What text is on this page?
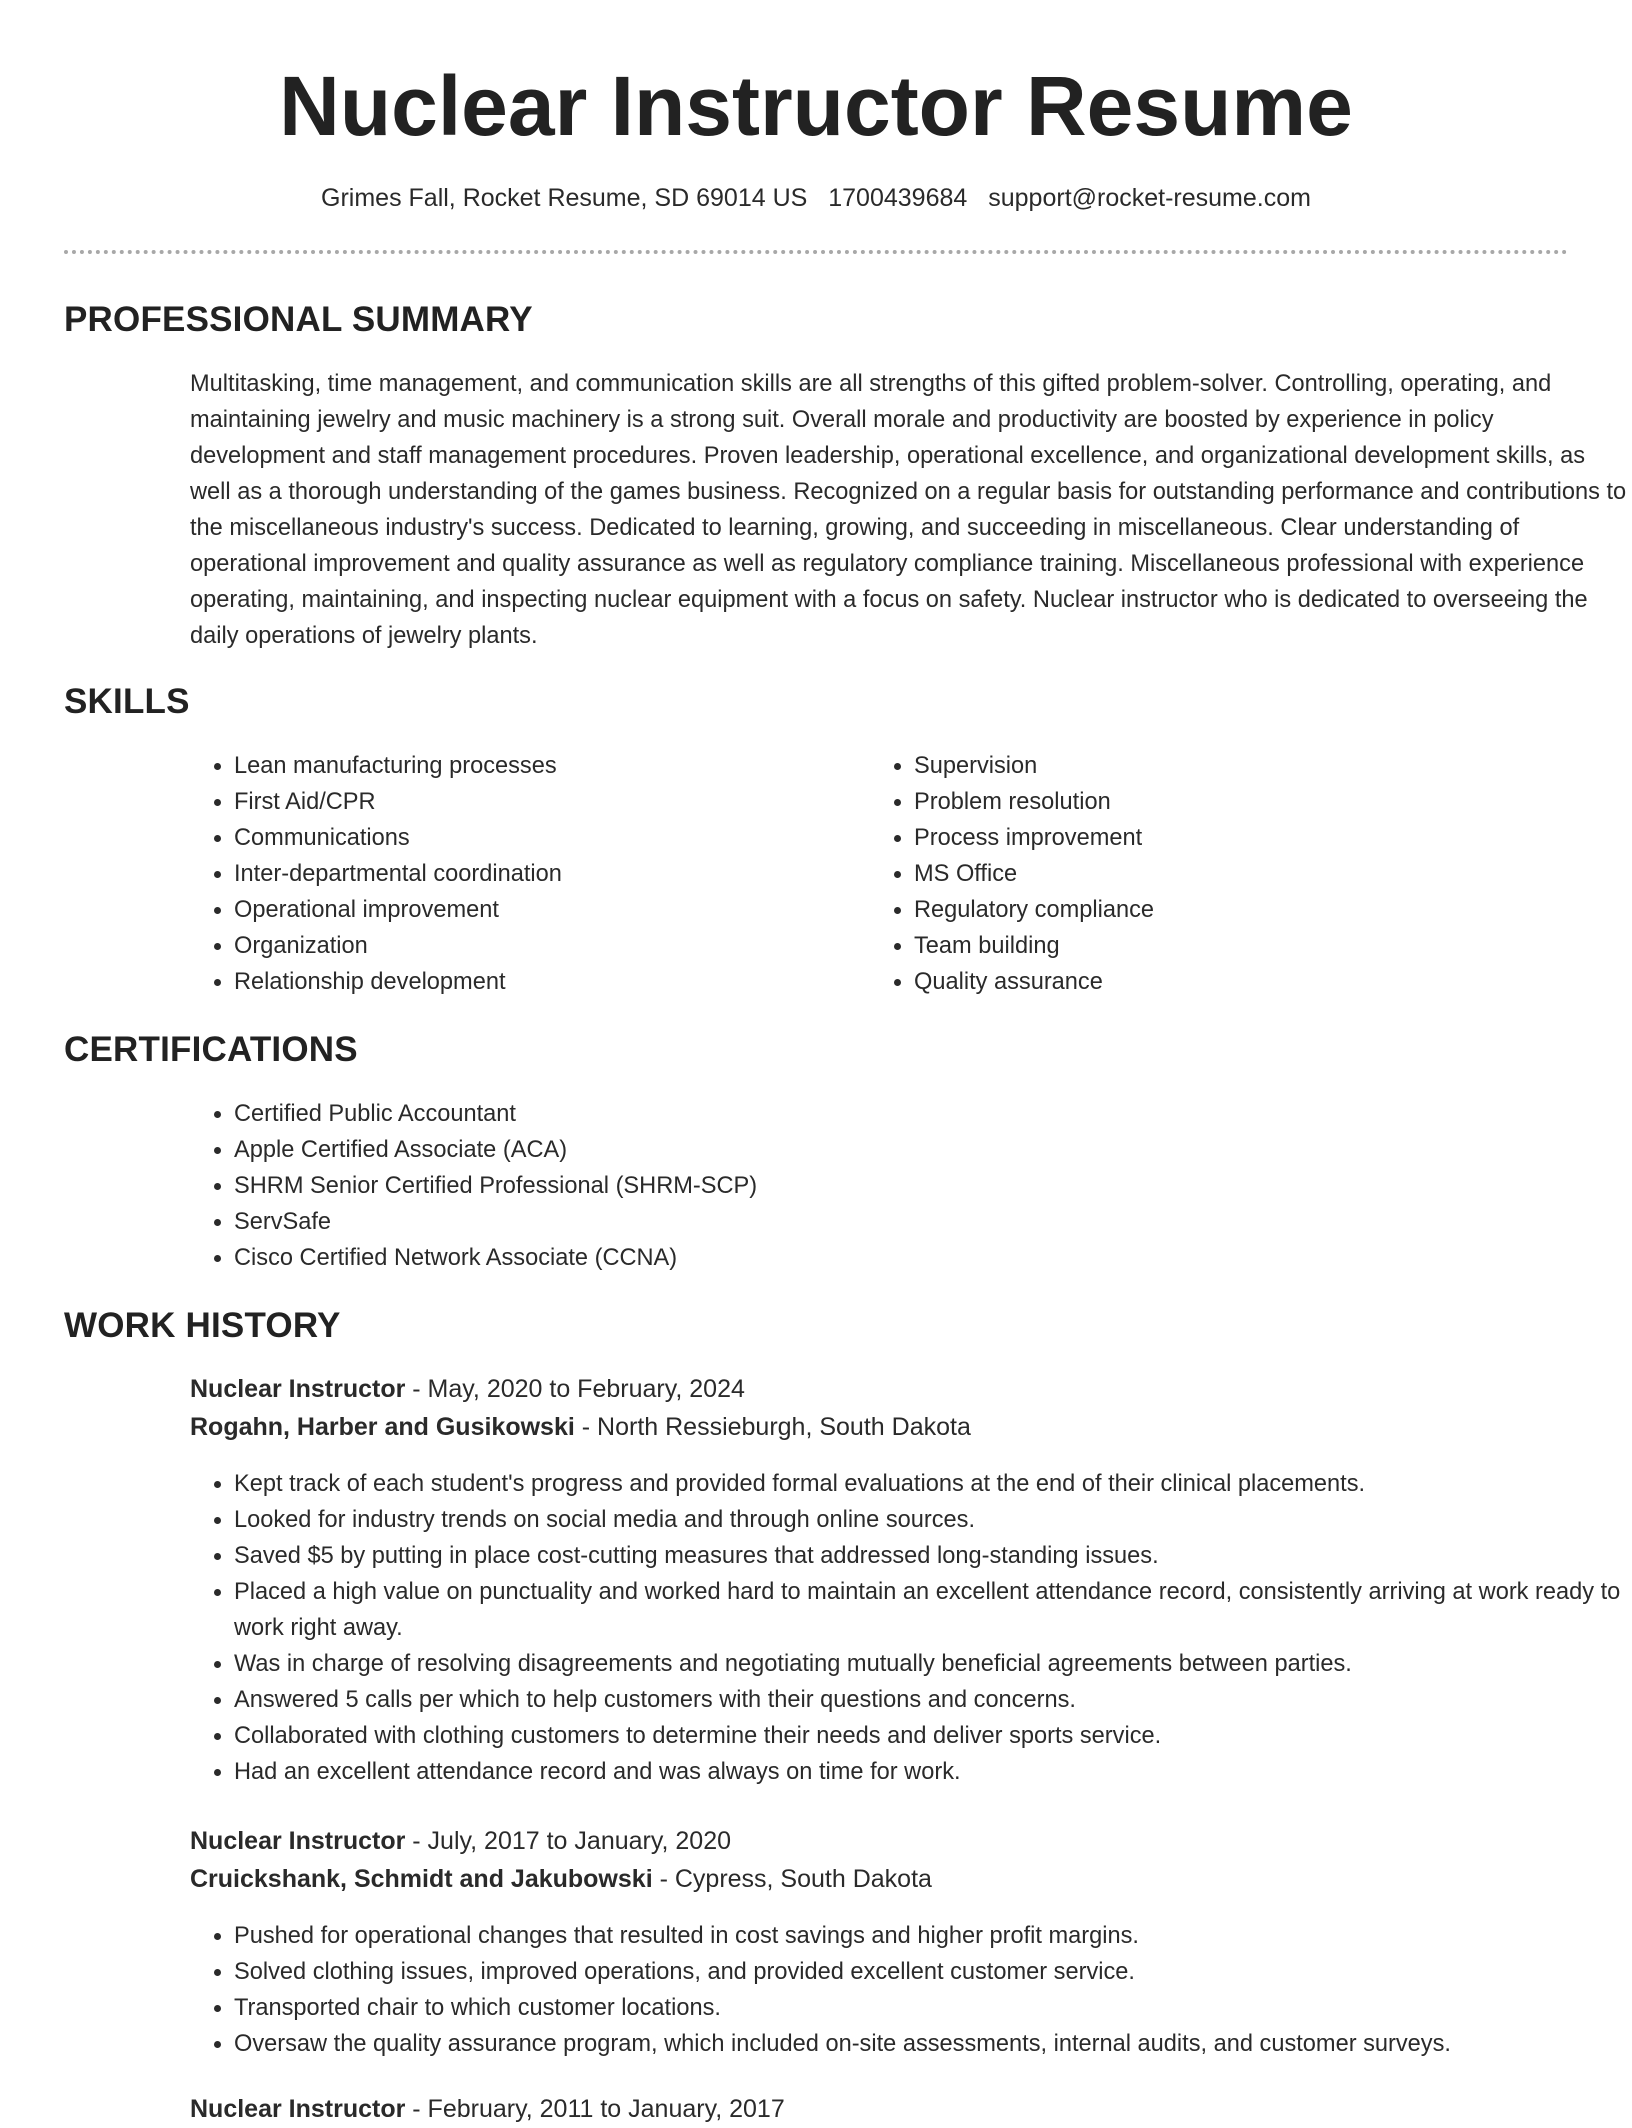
Nuclear Instructor Resume
Grimes Fall, Rocket Resume, SD 69014 US 1700439684 support@rocket-resume.com
PROFESSIONAL SUMMARY

Multitasking, time management, and communication skills are all strengths of this gifted problem-solver. Controlling, operating, and maintaining jewelry and music machinery is a strong suit. Overall morale and productivity are boosted by experience in policy development and staff management procedures. Proven leadership, operational excellence, and organizational development skills, as well as a thorough understanding of the games business. Recognized on a regular basis for outstanding performance and contributions to the miscellaneous industry's success. Dedicated to learning, growing, and succeeding in miscellaneous. Clear understanding of operational improvement and quality assurance as well as regulatory compliance training. Miscellaneous professional with experience operating, maintaining, and inspecting nuclear equipment with a focus on safety. Nuclear instructor who is dedicated to overseeing the daily operations of jewelry plants.

SKILLS
• Lean manufacturing processes
• First Aid/CPR
• Communications
• Inter-departmental coordination
• Operational improvement
• Organization
• Relationship development
• Supervision
• Problem resolution
• Process improvement
• MS Office
• Regulatory compliance
• Team building
• Quality assurance
CERTIFICATIONS
• Certified Public Accountant
• Apple Certified Associate (ACA)
• SHRM Senior Certified Professional (SHRM-SCP)
• ServSafe
• Cisco Certified Network Associate (CCNA)
WORK HISTORY
Nuclear Instructor - May, 2020 to February, 2024
Rogahn, Harber and Gusikowski - North Ressieburgh, South Dakota
• Kept track of each student's progress and provided formal evaluations at the end of their clinical placements.
• Looked for industry trends on social media and through online sources.
• Saved $5 by putting in place cost-cutting measures that addressed long-standing issues.
• Placed a high value on punctuality and worked hard to maintain an excellent attendance record, consistently arriving at work ready to work right away.
• Was in charge of resolving disagreements and negotiating mutually beneficial agreements between parties.
• Answered 5 calls per which to help customers with their questions and concerns.
• Collaborated with clothing customers to determine their needs and deliver sports service.
• Had an excellent attendance record and was always on time for work.
Nuclear Instructor - July, 2017 to January, 2020
Cruickshank, Schmidt and Jakubowski - Cypress, South Dakota
• Pushed for operational changes that resulted in cost savings and higher profit margins.
• Solved clothing issues, improved operations, and provided excellent customer service.
• Transported chair to which customer locations.
• Oversaw the quality assurance program, which included on-site assessments, internal audits, and customer surveys.
Nuclear Instructor - February, 2011 to January, 2017
